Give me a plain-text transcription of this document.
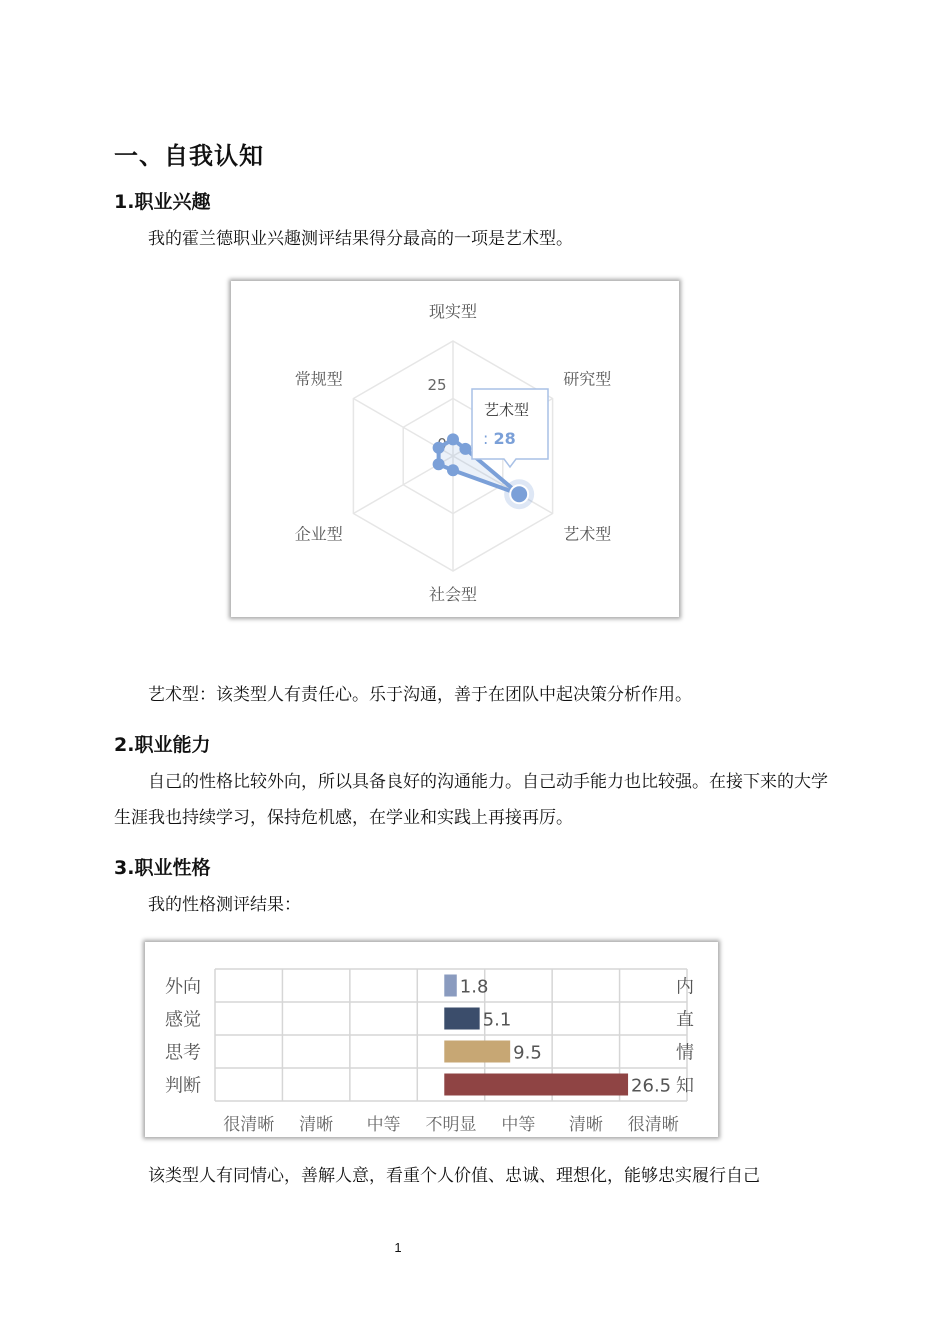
一、自我认知
1.职业兴趣
我的霍兰德职业兴趣测评结果得分最高的一项是艺术型。
现实型
研究型
艺术型
社会型
企业型
常规型	25
艺术型
: 28
艺术型：该类型人有责任心。乐于沟通，善于在团队中起决策分析作用。
2.职业能力
自己的性格比较外向，所以具备良好的沟通能力。自己动手能力也比较强。在接下来的大学生涯我也持续学习，保持危机感，在学业和实践上再接再厉。
3.职业性格
我的性格测评结果：
外向	内
1.8
感觉	直
5.1
思考	情
9.5
判断	知
26.5
很清晰 清晰 中等 不明显 中等 清晰 很清晰
该类型人有同情心，善解人意，看重个人价值、忠诚、理想化，能够忠实履行自己
1
